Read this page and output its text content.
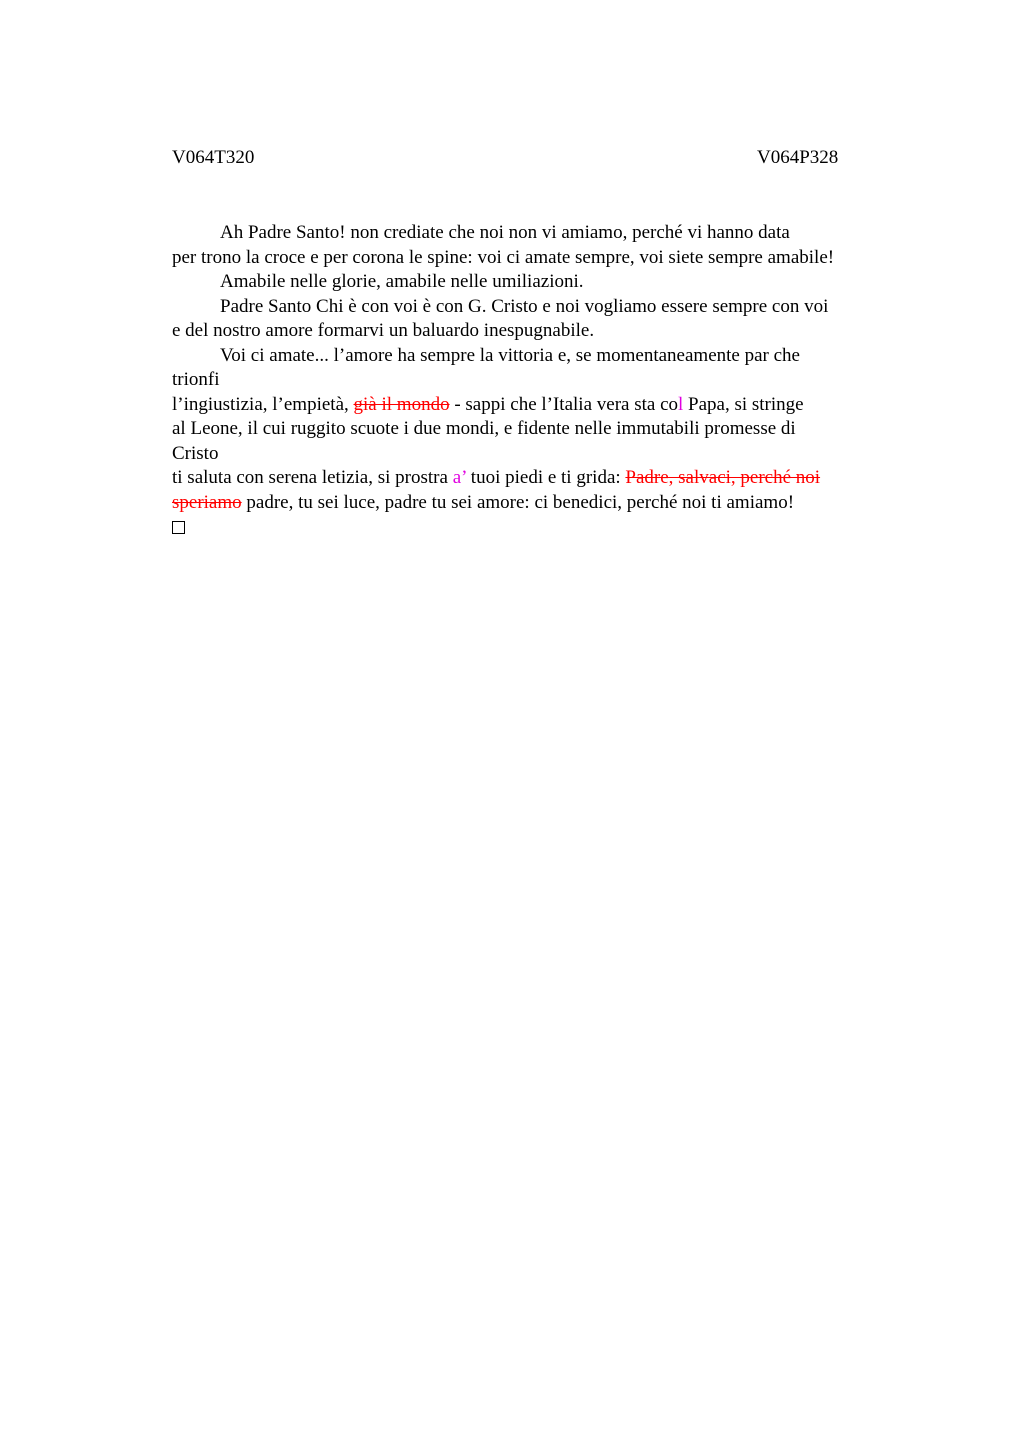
V064T320	V064P328
Ah Padre Santo! non crediate che noi non vi amiamo, perché vi hanno data
per trono la croce e per corona le spine: voi ci amate sempre, voi siete sempre amabile!
Amabile nelle glorie, amabile nelle umiliazioni.
Padre Santo Chi è con voi è con G. Cristo e noi vogliamo essere sempre con voi
e del nostro amore formarvi un baluardo inespugnabile.
Voi ci amate... l’amore ha sempre la vittoria e, se momentaneamente par che
trionfi
l’ingiustizia, l’empietà, già il mondo - sappi che l’Italia vera sta col Papa, si stringe
al Leone, il cui ruggito scuote i due mondi, e fidente nelle immutabili promesse di
Cristo
ti saluta con serena letizia, si prostra a’ tuoi piedi e ti grida: Padre, salvaci, perché noi
speriamo padre, tu sei luce, padre tu sei amore: ci benedici, perché noi ti amiamo!
